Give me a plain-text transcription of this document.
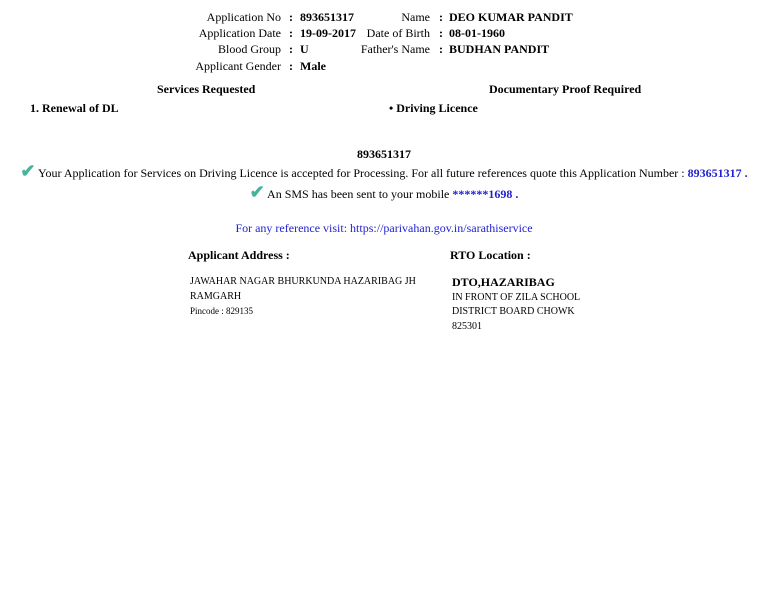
Application No : 893651317
Application Date : 19-09-2017
Blood Group : U
Applicant Gender : Male
Name : DEO KUMAR PANDIT
Date of Birth : 08-01-1960
Father's Name : BUDHAN PANDIT
Services Requested	Documentary Proof Required
1. Renewal of DL	• Driving Licence
893651317
✔ Your Application for Services on Driving Licence is accepted for Processing. For all future references quote this Application Number : 893651317 .
✔ An SMS has been sent to your mobile ******1698 .
For any reference visit: https://parivahan.gov.in/sarathiservice
Applicant Address :
JAWAHAR NAGAR BHURKUNDA HAZARIBAG JH
RAMGARH
Pincode : 829135
RTO Location :
DTO,HAZARIBAG
IN FRONT OF ZILA SCHOOL
DISTRICT BOARD CHOWK
825301
